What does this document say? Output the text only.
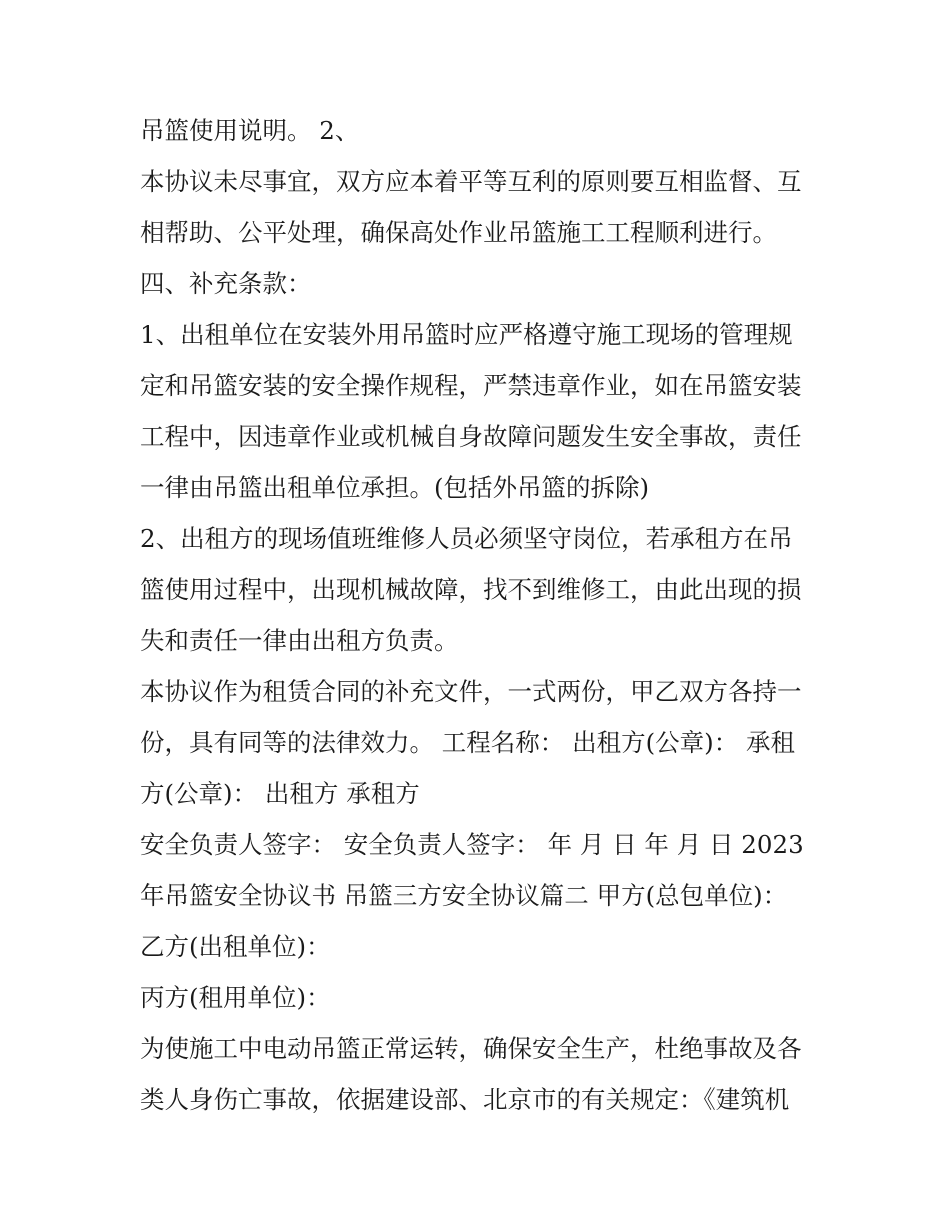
吊篮使用说明。 2、
本协议未尽事宜，双方应本着平等互利的原则要互相监督、互
相帮助、公平处理，确保高处作业吊篮施工工程顺利进行。
四、补充条款：
1、出租单位在安装外用吊篮时应严格遵守施工现场的管理规
定和吊篮安装的安全操作规程，严禁违章作业，如在吊篮安装
工程中，因违章作业或机械自身故障问题发生安全事故，责任
一律由吊篮出租单位承担。(包括外吊篮的拆除)
2、出租方的现场值班维修人员必须坚守岗位，若承租方在吊
篮使用过程中，出现机械故障，找不到维修工，由此出现的损
失和责任一律由出租方负责。
本协议作为租赁合同的补充文件，一式两份，甲乙双方各持一
份，具有同等的法律效力。 工程名称： 出租方(公章)： 承租
方(公章)： 出租方 承租方
安全负责人签字： 安全负责人签字： 年 月 日 年 月 日 2023
年吊篮安全协议书 吊篮三方安全协议篇二 甲方(总包单位)：
乙方(出租单位)：
丙方(租用单位)：
为使施工中电动吊篮正常运转，确保安全生产，杜绝事故及各
类人身伤亡事故，依据建设部、北京市的有关规定：《建筑机
